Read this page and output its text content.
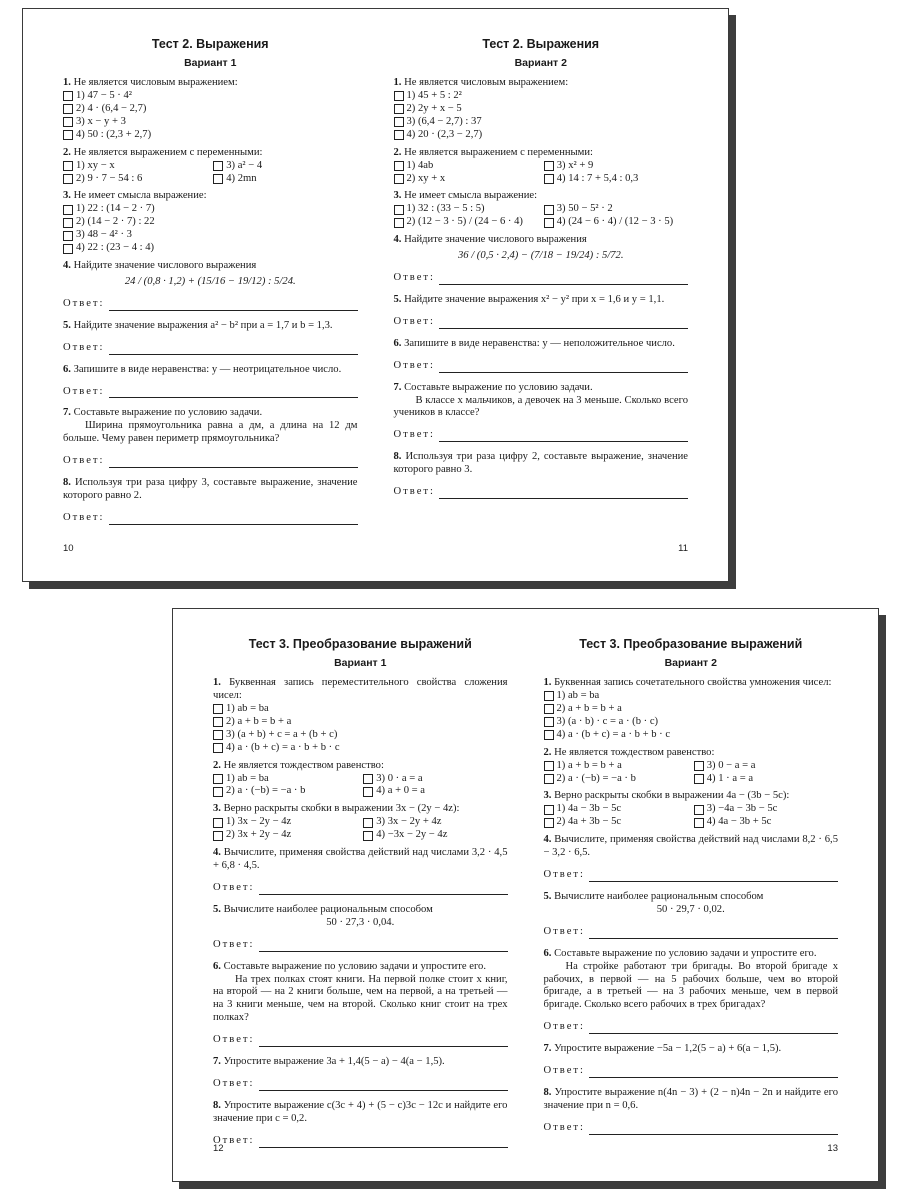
Тест 2. Выражения
Вариант 1
1. Не является числовым выражением:
1) 47 − 5 · 4²
2) 4 · (6,4 − 2,7)
3) x − y + 3
4) 50 : (2,3 + 2,7)
2. Не является выражением с переменными:
1) xy − x	3) a² − 4
2) 9 · 7 − 54 : 6	4) 2mn
3. Не имеет смысла выражение:
1) 22 : (14 − 2 · 7)
2) (14 − 2 · 7) : 22
3) 48 − 4² · 3
4) 22 : (23 − 4 : 4)
4. Найдите значение числового выражения
24 / (0,8 · 1,2) + (15/16 − 19/12) : 5/24.
Ответ:
5. Найдите значение выражения a² − b² при a = 1,7 и b = 1,3.
Ответ:
6. Запишите в виде неравенства: y — неотрицательное число.
Ответ:
7. Составьте выражение по условию задачи.
Ширина прямоугольника равна a дм, а длина на 12 дм больше. Чему равен периметр прямоугольника?
Ответ:
8. Используя три раза цифру 3, составьте выражение, значение которого равно 2.
Ответ:
10
Тест 2. Выражения
Вариант 2
1. Не является числовым выражением:
1) 45 + 5 : 2²
2) 2y + x − 5
3) (6,4 − 2,7) : 37
4) 20 · (2,3 − 2,7)
2. Не является выражением с переменными:
1) 4ab	3) x² + 9
2) xy + x	4) 14 : 7 + 5,4 : 0,3
3. Не имеет смысла выражение:
1) 32 : (33 − 5 : 5)	3) 50 − 5² · 2
2) (12 − 3 · 5) / (24 − 6 · 4)	4) (24 − 6 · 4) / (12 − 3 · 5)
4. Найдите значение числового выражения
36 / (0,5 · 2,4) − (7/18 − 19/24) : 5/72.
Ответ:
5. Найдите значение выражения x² − y² при x = 1,6 и y = 1,1.
Ответ:
6. Запишите в виде неравенства: y — неположительное число.
Ответ:
7. Составьте выражение по условию задачи.
В классе x мальчиков, а девочек на 3 меньше. Сколько всего учеников в классе?
Ответ:
8. Используя три раза цифру 2, составьте выражение, значение которого равно 3.
Ответ:
11
Тест 3. Преобразование выражений
Вариант 1
1. Буквенная запись переместительного свойства сложения чисел:
1) ab = ba
2) a + b = b + a
3) (a + b) + c = a + (b + c)
4) a · (b + c) = a · b + b · c
2. Не является тождеством равенство:
1) ab = ba	3) 0 · a = a
2) a · (−b) = −a · b	4) a + 0 = a
3. Верно раскрыты скобки в выражении 3x − (2y − 4z):
1) 3x − 2y − 4z	3) 3x − 2y + 4z
2) 3x + 2y − 4z	4) −3x − 2y − 4z
4. Вычислите, применяя свойства действий над числами 3,2 · 4,5 + 6,8 · 4,5.
Ответ:
5. Вычислите наиболее рациональным способом
50 · 27,3 · 0,04.
Ответ:
6. Составьте выражение по условию задачи и упростите его.
На трех полках стоят книги. На первой полке стоит x книг, на второй — на 2 книги больше, чем на первой, а на третьей — на 3 книги меньше, чем на второй. Сколько книг стоит на трех полках?
Ответ:
7. Упростите выражение 3a + 1,4(5 − a) − 4(a − 1,5).
Ответ:
8. Упростите выражение c(3c + 4) + (5 − c)3c − 12c и найдите его значение при c = 0,2.
Ответ:
12
Тест 3. Преобразование выражений
Вариант 2
1. Буквенная запись сочетательного свойства умножения чисел:
1) ab = ba
2) a + b = b + a
3) (a · b) · c = a · (b · c)
4) a · (b + c) = a · b + b · c
2. Не является тождеством равенство:
1) a + b = b + a	3) 0 − a = a
2) a · (−b) = −a · b	4) 1 · a = a
3. Верно раскрыты скобки в выражении 4a − (3b − 5c):
1) 4a − 3b − 5c	3) −4a − 3b − 5c
2) 4a + 3b − 5c	4) 4a − 3b + 5c
4. Вычислите, применяя свойства действий над числами 8,2 · 6,5 − 3,2 · 6,5.
Ответ:
5. Вычислите наиболее рациональным способом
50 · 29,7 · 0,02.
Ответ:
6. Составьте выражение по условию задачи и упростите его.
На стройке работают три бригады. Во второй бригаде x рабочих, в первой — на 5 рабочих больше, чем во второй бригаде, а в третьей — на 3 рабочих меньше, чем в первой бригаде. Сколько всего рабочих в трех бригадах?
Ответ:
7. Упростите выражение −5a − 1,2(5 − a) + 6(a − 1,5).
Ответ:
8. Упростите выражение n(4n − 3) + (2 − n)4n − 2n и найдите его значение при n = 0,6.
Ответ:
13
